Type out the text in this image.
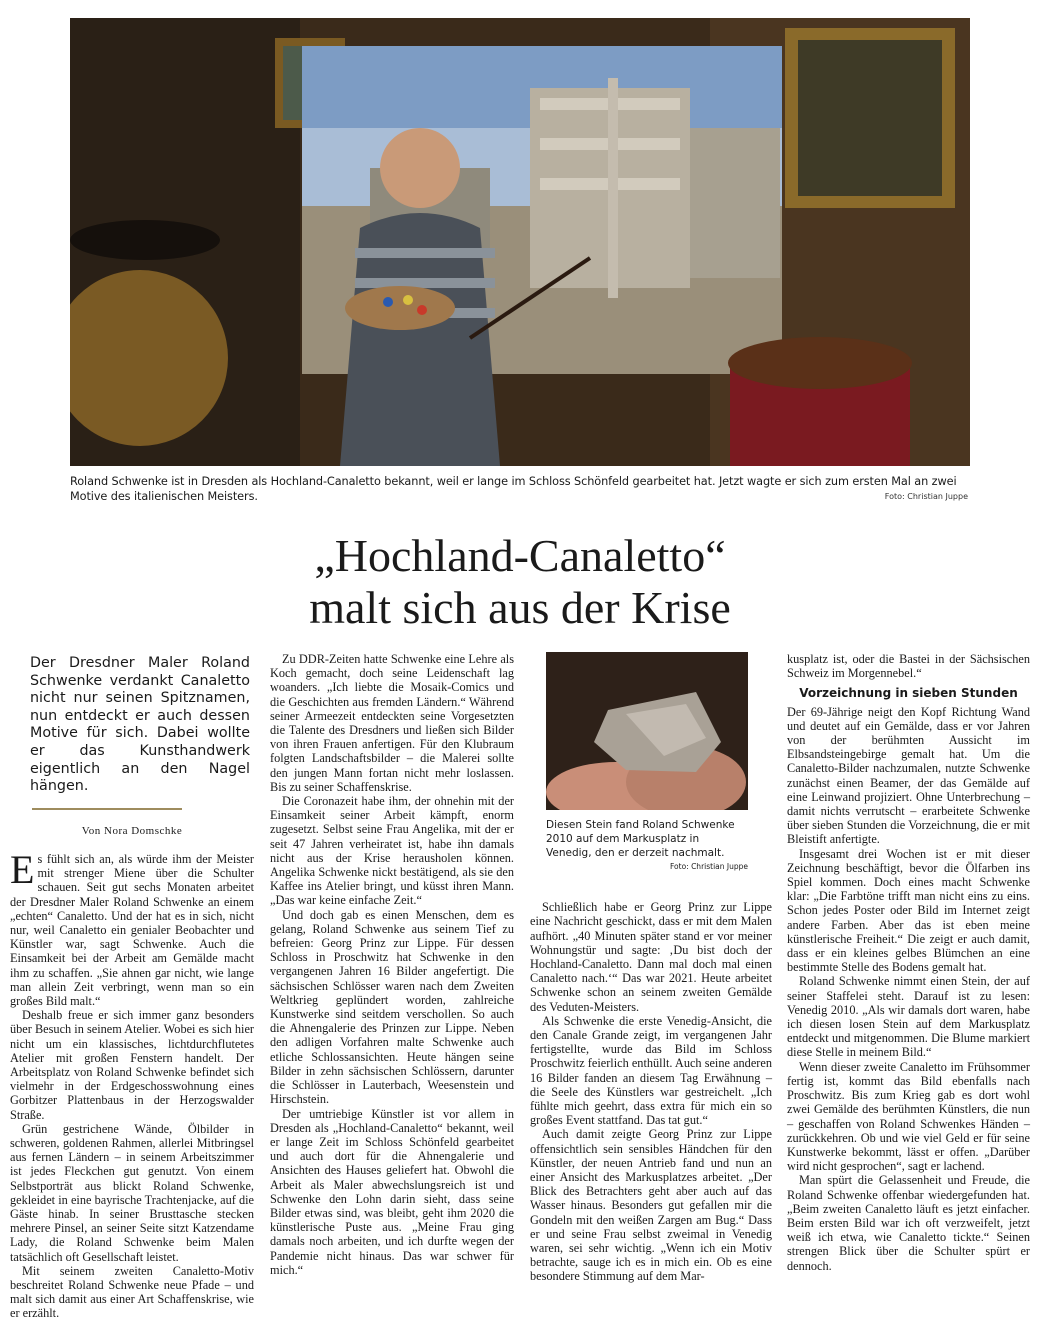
Roland Schwenke ist in Dresden als Hochland-Canaletto bekannt, weil er lange im Schloss Schönfeld gearbeitet hat. Jetzt wagte er sich zum ersten Mal an zwei Motive des italienischen Meisters.	Foto: Christian Juppe
„Hochland-Canaletto“
malt sich aus der Krise
Der Dresdner Maler Roland Schwenke verdankt Canaletto nicht nur seinen Spitznamen, nun entdeckt er auch dessen Motive für sich. Dabei wollte er das Kunsthandwerk eigentlich an den Nagel hängen.
Von Nora Domschke

Es fühlt sich an, als würde ihm der Meister mit strenger Miene über die Schulter schauen. Seit gut sechs Monaten arbeitet der Dresdner Maler Roland Schwenke an einem „echten“ Canaletto. Und der hat es in sich, nicht nur, weil Canaletto ein genialer Beobachter und Künstler war, sagt Schwenke. Auch die Einsamkeit bei der Arbeit am Gemälde macht ihm zu schaffen. „Sie ahnen gar nicht, wie lange man allein Zeit verbringt, wenn man so ein großes Bild malt.“

Deshalb freue er sich immer ganz besonders über Besuch in seinem Atelier. Wobei es sich hier nicht um ein klassisches, lichtdurchflutetes Atelier mit großen Fenstern handelt. Der Arbeitsplatz von Roland Schwenke befindet sich vielmehr in der Erdgeschosswohnung eines Gorbitzer Plattenbaus in der Herzogswalder Straße.

Grün gestrichene Wände, Ölbilder in schweren, goldenen Rahmen, allerlei Mitbringsel aus fernen Ländern – in seinem Arbeitszimmer ist jedes Fleckchen gut genutzt. Von einem Selbstporträt aus blickt Roland Schwenke, gekleidet in eine bayrische Trachtenjacke, auf die Gäste hinab. In seiner Brusttasche stecken mehrere Pinsel, an seiner Seite sitzt Katzendame Lady, die Roland Schwenke beim Malen tatsächlich oft Gesellschaft leistet.

Mit seinem zweiten Canaletto-Motiv beschreitet Roland Schwenke neue Pfade – und malt sich damit aus einer Art Schaffenskrise, wie er erzählt.

Zu DDR-Zeiten hatte Schwenke eine Lehre als Koch gemacht, doch seine Leidenschaft lag woanders. „Ich liebte die Mosaik-Comics und die Geschichten aus fremden Ländern.“ Während seiner Armeezeit entdeckten seine Vorgesetzten die Talente des Dresdners und ließen sich Bilder von ihren Frauen anfertigen. Für den Klubraum folgten Landschaftsbilder – die Malerei sollte den jungen Mann fortan nicht mehr loslassen. Bis zu seiner Schaffenskrise.

Die Coronazeit habe ihm, der ohnehin mit der Einsamkeit seiner Arbeit kämpft, enorm zugesetzt. Selbst seine Frau Angelika, mit der er seit 47 Jahren verheiratet ist, habe ihn damals nicht aus der Krise herausholen können. Angelika Schwenke nickt bestätigend, als sie den Kaffee ins Atelier bringt, und küsst ihren Mann. „Das war keine einfache Zeit.“

Und doch gab es einen Menschen, dem es gelang, Roland Schwenke aus seinem Tief zu befreien: Georg Prinz zur Lippe. Für dessen Schloss in Proschwitz hat Schwenke in den vergangenen Jahren 16 Bilder angefertigt. Die sächsischen Schlösser waren nach dem Zweiten Weltkrieg geplündert worden, zahlreiche Kunstwerke sind seitdem verschollen. So auch die Ahnengalerie des Prinzen zur Lippe. Neben den adligen Vorfahren malte Schwenke auch etliche Schlossansichten. Heute hängen seine Bilder in zehn sächsischen Schlössern, darunter die Schlösser in Lauterbach, Weesenstein und Hirschstein.

Der umtriebige Künstler ist vor allem in Dresden als „Hochland-Canaletto“ bekannt, weil er lange Zeit im Schloss Schönfeld gearbeitet und auch dort für die Ahnengalerie und Ansichten des Hauses geliefert hat. Obwohl die Arbeit als Maler abwechslungsreich ist und Schwenke den Lohn darin sieht, dass seine Bilder etwas sind, was bleibt, geht ihm 2020 die künstlerische Puste aus. „Meine Frau ging damals noch arbeiten, und ich durfte wegen der Pandemie nicht hinaus. Das war schwer für mich.“

Diesen Stein fand Roland Schwenke 2010 auf dem Markusplatz in Venedig, den er derzeit nachmalt.
Foto: Christian Juppe

Schließlich habe er Georg Prinz zur Lippe eine Nachricht geschickt, dass er mit dem Malen aufhört. „40 Minuten später stand er vor meiner Wohnungstür und sagte: ‚Du bist doch der Hochland-Canaletto. Dann mal doch mal einen Canaletto nach.‘“ Das war 2021. Heute arbeitet Schwenke schon an seinem zweiten Gemälde des Veduten-Meisters.

Als Schwenke die erste Venedig-Ansicht, die den Canale Grande zeigt, im vergangenen Jahr fertigstellte, wurde das Bild im Schloss Proschwitz feierlich enthüllt. Auch seine anderen 16 Bilder fanden an diesem Tag Erwähnung – die Seele des Künstlers war gestreichelt. „Ich fühlte mich geehrt, dass extra für mich ein so großes Event stattfand. Das tat gut.“

Auch damit zeigte Georg Prinz zur Lippe offensichtlich sein sensibles Händchen für den Künstler, der neuen Antrieb fand und nun an einer Ansicht des Markusplatzes arbeitet. „Der Blick des Betrachters geht aber auch auf das Wasser hinaus. Besonders gut gefallen mir die Gondeln mit den weißen Zargen am Bug.“ Dass er und seine Frau selbst zweimal in Venedig waren, sei sehr wichtig. „Wenn ich ein Motiv betrachte, sauge ich es in mich ein. Ob es eine besondere Stimmung auf dem Mar-

kusplatz ist, oder die Bastei in der Sächsischen Schweiz im Morgennebel.“

Vorzeichnung in sieben Stunden

Der 69-Jährige neigt den Kopf Richtung Wand und deutet auf ein Gemälde, dass er vor Jahren von der berühmten Aussicht im Elbsandsteingebirge gemalt hat. Um die Canaletto-Bilder nachzumalen, nutzte Schwenke zunächst einen Beamer, der das Gemälde auf eine Leinwand projiziert. Ohne Unterbrechung – damit nichts verrutscht – erarbeitete Schwenke über sieben Stunden die Vorzeichnung, die er mit Bleistift anfertigte.

Insgesamt drei Wochen ist er mit dieser Zeichnung beschäftigt, bevor die Ölfarben ins Spiel kommen. Doch eines macht Schwenke klar: „Die Farbtöne trifft man nicht eins zu eins. Schon jedes Poster oder Bild im Internet zeigt andere Farben. Aber das ist eben meine künstlerische Freiheit.“ Die zeigt er auch damit, dass er ein kleines gelbes Blümchen an eine bestimmte Stelle des Bodens gemalt hat.

Roland Schwenke nimmt einen Stein, der auf seiner Staffelei steht. Darauf ist zu lesen: Venedig 2010. „Als wir damals dort waren, habe ich diesen losen Stein auf dem Markusplatz entdeckt und mitgenommen. Die Blume markiert diese Stelle in meinem Bild.“

Wenn dieser zweite Canaletto im Frühsommer fertig ist, kommt das Bild ebenfalls nach Proschwitz. Bis zum Krieg gab es dort wohl zwei Gemälde des berühmten Künstlers, die nun – geschaffen von Roland Schwenkes Händen – zurückkehren. Ob und wie viel Geld er für seine Kunstwerke bekommt, lässt er offen. „Darüber wird nicht gesprochen“, sagt er lachend.

Man spürt die Gelassenheit und Freude, die Roland Schwenke offenbar wiedergefunden hat. „Beim zweiten Canaletto läuft es jetzt einfacher. Beim ersten Bild war ich oft verzweifelt, jetzt weiß ich etwa, wie Canaletto tickte.“ Seinen strengen Blick über die Schulter spürt er dennoch.
